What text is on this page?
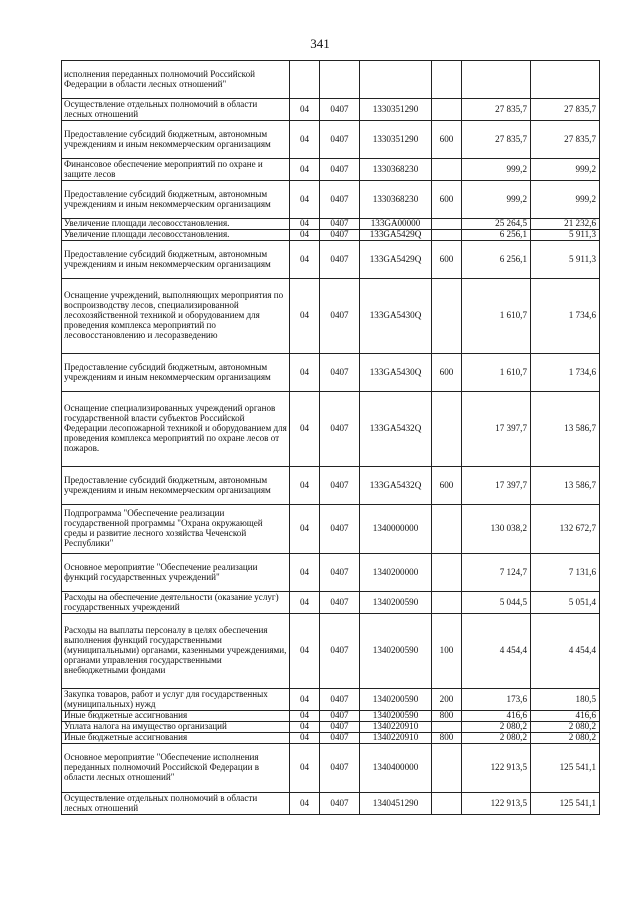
341
исполнения переданных полномочий Российской Федерации в области лесных отношений"						
Осуществление отдельных полномочий в области лесных отношений	04	0407	1330351290		27 835,7	27 835,7
Предоставление субсидий бюджетным, автономным учреждениям и иным некоммерческим организациям	04	0407	1330351290	600	27 835,7	27 835,7
Финансовое обеспечение мероприятий по охране и защите лесов	04	0407	1330368230		999,2	999,2
Предоставление субсидий бюджетным, автономным учреждениям и иным некоммерческим организациям	04	0407	1330368230	600	999,2	999,2
Увеличение площади лесовосстановления.	04	0407	133GA00000		25 264,5	21 232,6
Увеличение площади лесовосстановления.	04	0407	133GA5429Q		6 256,1	5 911,3
Предоставление субсидий бюджетным, автономным учреждениям и иным некоммерческим организациям	04	0407	133GA5429Q	600	6 256,1	5 911,3
Оснащение учреждений, выполняющих мероприятия по воспроизводству лесов, специализированной лесохозяйственной техникой и оборудованием для проведения комплекса мероприятий по лесовосстановлению и лесоразведению	04	0407	133GA5430Q		1 610,7	1 734,6
Предоставление субсидий бюджетным, автономным учреждениям и иным некоммерческим организациям	04	0407	133GA5430Q	600	1 610,7	1 734,6
Оснащение специализированных учреждений органов государственной власти субъектов Российской Федерации лесопожарной техникой и оборудованием для проведения комплекса мероприятий по охране лесов от пожаров.	04	0407	133GA5432Q		17 397,7	13 586,7
Предоставление субсидий бюджетным, автономным учреждениям и иным некоммерческим организациям	04	0407	133GA5432Q	600	17 397,7	13 586,7
Подпрограмма "Обеспечение реализации государственной программы "Охрана окружающей среды и развитие лесного хозяйства Чеченской Республики"	04	0407	1340000000		130 038,2	132 672,7
Основное мероприятие "Обеспечение реализации функций государственных учреждений"	04	0407	1340200000		7 124,7	7 131,6
Расходы на обеспечение деятельности (оказание услуг) государственных учреждений	04	0407	1340200590		5 044,5	5 051,4
Расходы на выплаты персоналу в целях обеспечения выполнения функций государственными (муниципальными) органами, казенными учреждениями, органами управления государственными внебюджетными фондами	04	0407	1340200590	100	4 454,4	4 454,4
Закупка товаров, работ и услуг для государственных (муниципальных) нужд	04	0407	1340200590	200	173,6	180,5
Иные бюджетные ассигнования	04	0407	1340200590	800	416,6	416,6
Уплата налога на имущество организаций	04	0407	1340220910		2 080,2	2 080,2
Иные бюджетные ассигнования	04	0407	1340220910	800	2 080,2	2 080,2
Основное мероприятие "Обеспечение исполнения переданных полномочий Российской Федерации в области лесных отношений"	04	0407	1340400000		122 913,5	125 541,1
Осуществление отдельных полномочий в области лесных отношений	04	0407	1340451290		122 913,5	125 541,1
